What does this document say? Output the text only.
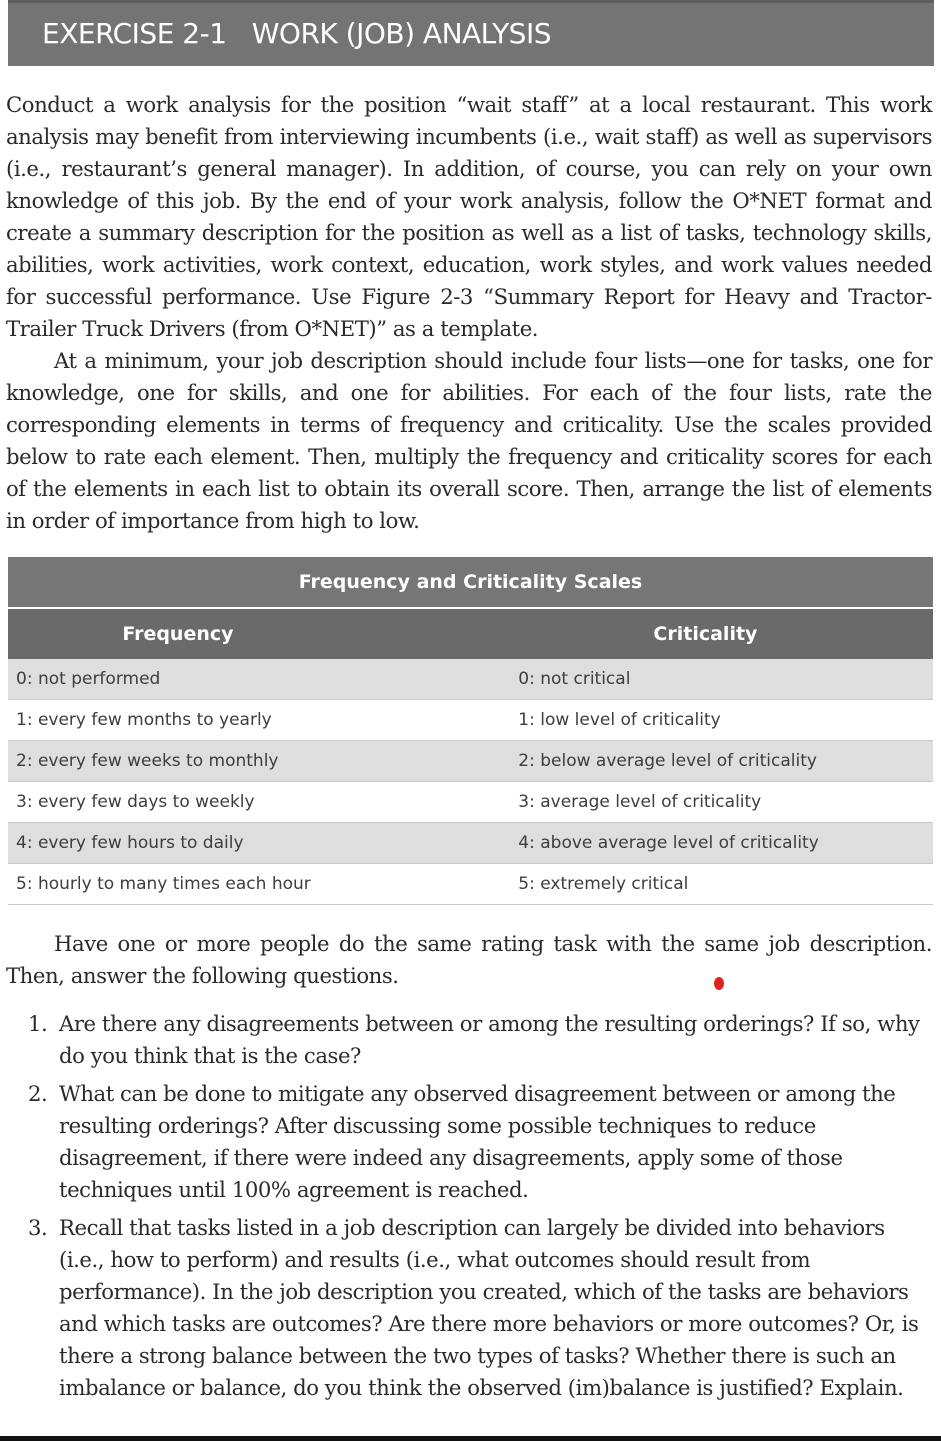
EXERCISE 2-1 WORK (JOB) ANALYSIS

Conduct a work analysis for the position “wait staff” at a local restaurant. This work analysis may benefit from interviewing incumbents (i.e., wait staff) as well as supervisors (i.e., restaurant’s general manager). In addition, of course, you can rely on your own knowledge of this job. By the end of your work analysis, follow the O*NET format and create a summary description for the position as well as a list of tasks, technology skills, abilities, work activities, work context, education, work styles, and work values needed for successful performance. Use Figure 2-3 “Summary Report for Heavy and Tractor-Trailer Truck Drivers (from O*NET)” as a template.

At a minimum, your job description should include four lists—one for tasks, one for knowledge, one for skills, and one for abilities. For each of the four lists, rate the corresponding elements in terms of frequency and criticality. Use the scales provided below to rate each element. Then, multiply the frequency and criticality scores for each of the elements in each list to obtain its overall score. Then, arrange the list of elements in order of importance from high to low.

Frequency and Criticality Scales
Frequency	Criticality
0: not performed	0: not critical
1: every few months to yearly	1: low level of criticality
2: every few weeks to monthly	2: below average level of criticality
3: every few days to weekly	3: average level of criticality
4: every few hours to daily	4: above average level of criticality
5: hourly to many times each hour	5: extremely critical

Have one or more people do the same rating task with the same job description. Then, answer the following questions.

1. Are there any disagreements between or among the resulting orderings? If so, why do you think that is the case?
2. What can be done to mitigate any observed disagreement between or among the resulting orderings? After discussing some possible techniques to reduce disagreement, if there were indeed any disagreements, apply some of those techniques until 100% agreement is reached.
3. Recall that tasks listed in a job description can largely be divided into behaviors (i.e., how to perform) and results (i.e., what outcomes should result from performance). In the job description you created, which of the tasks are behaviors and which tasks are outcomes? Are there more behaviors or more outcomes? Or, is there a strong balance between the two types of tasks? Whether there is such an imbalance or balance, do you think the observed (im)balance is justified? Explain.
